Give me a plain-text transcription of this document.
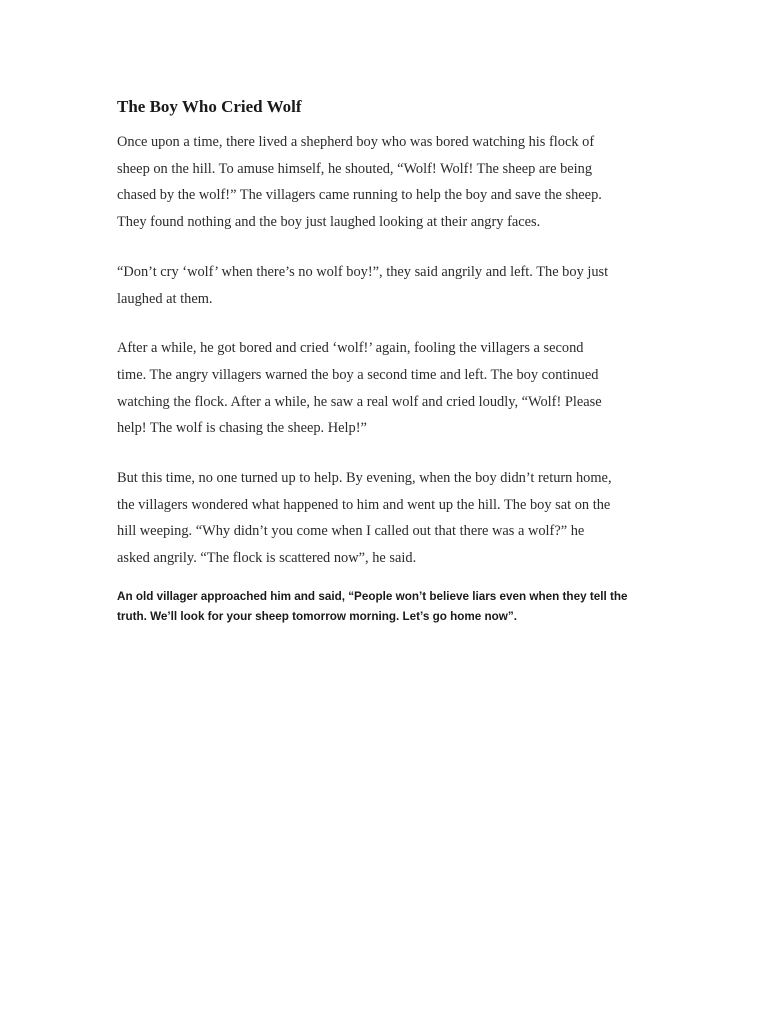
The Boy Who Cried Wolf

Once upon a time, there lived a shepherd boy who was bored watching his flock of
sheep on the hill. To amuse himself, he shouted, “Wolf! Wolf! The sheep are being
chased by the wolf!” The villagers came running to help the boy and save the sheep.
They found nothing and the boy just laughed looking at their angry faces.

“Don’t cry ‘wolf’ when there’s no wolf boy!”, they said angrily and left. The boy just
laughed at them.

After a while, he got bored and cried ‘wolf!’ again, fooling the villagers a second
time. The angry villagers warned the boy a second time and left. The boy continued
watching the flock. After a while, he saw a real wolf and cried loudly, “Wolf! Please
help! The wolf is chasing the sheep. Help!”

But this time, no one turned up to help. By evening, when the boy didn’t return home,
the villagers wondered what happened to him and went up the hill. The boy sat on the
hill weeping. “Why didn’t you come when I called out that there was a wolf?” he
asked angrily. “The flock is scattered now”, he said.

An old villager approached him and said, “People won’t believe liars even when they tell the
truth. We’ll look for your sheep tomorrow morning. Let’s go home now”.
